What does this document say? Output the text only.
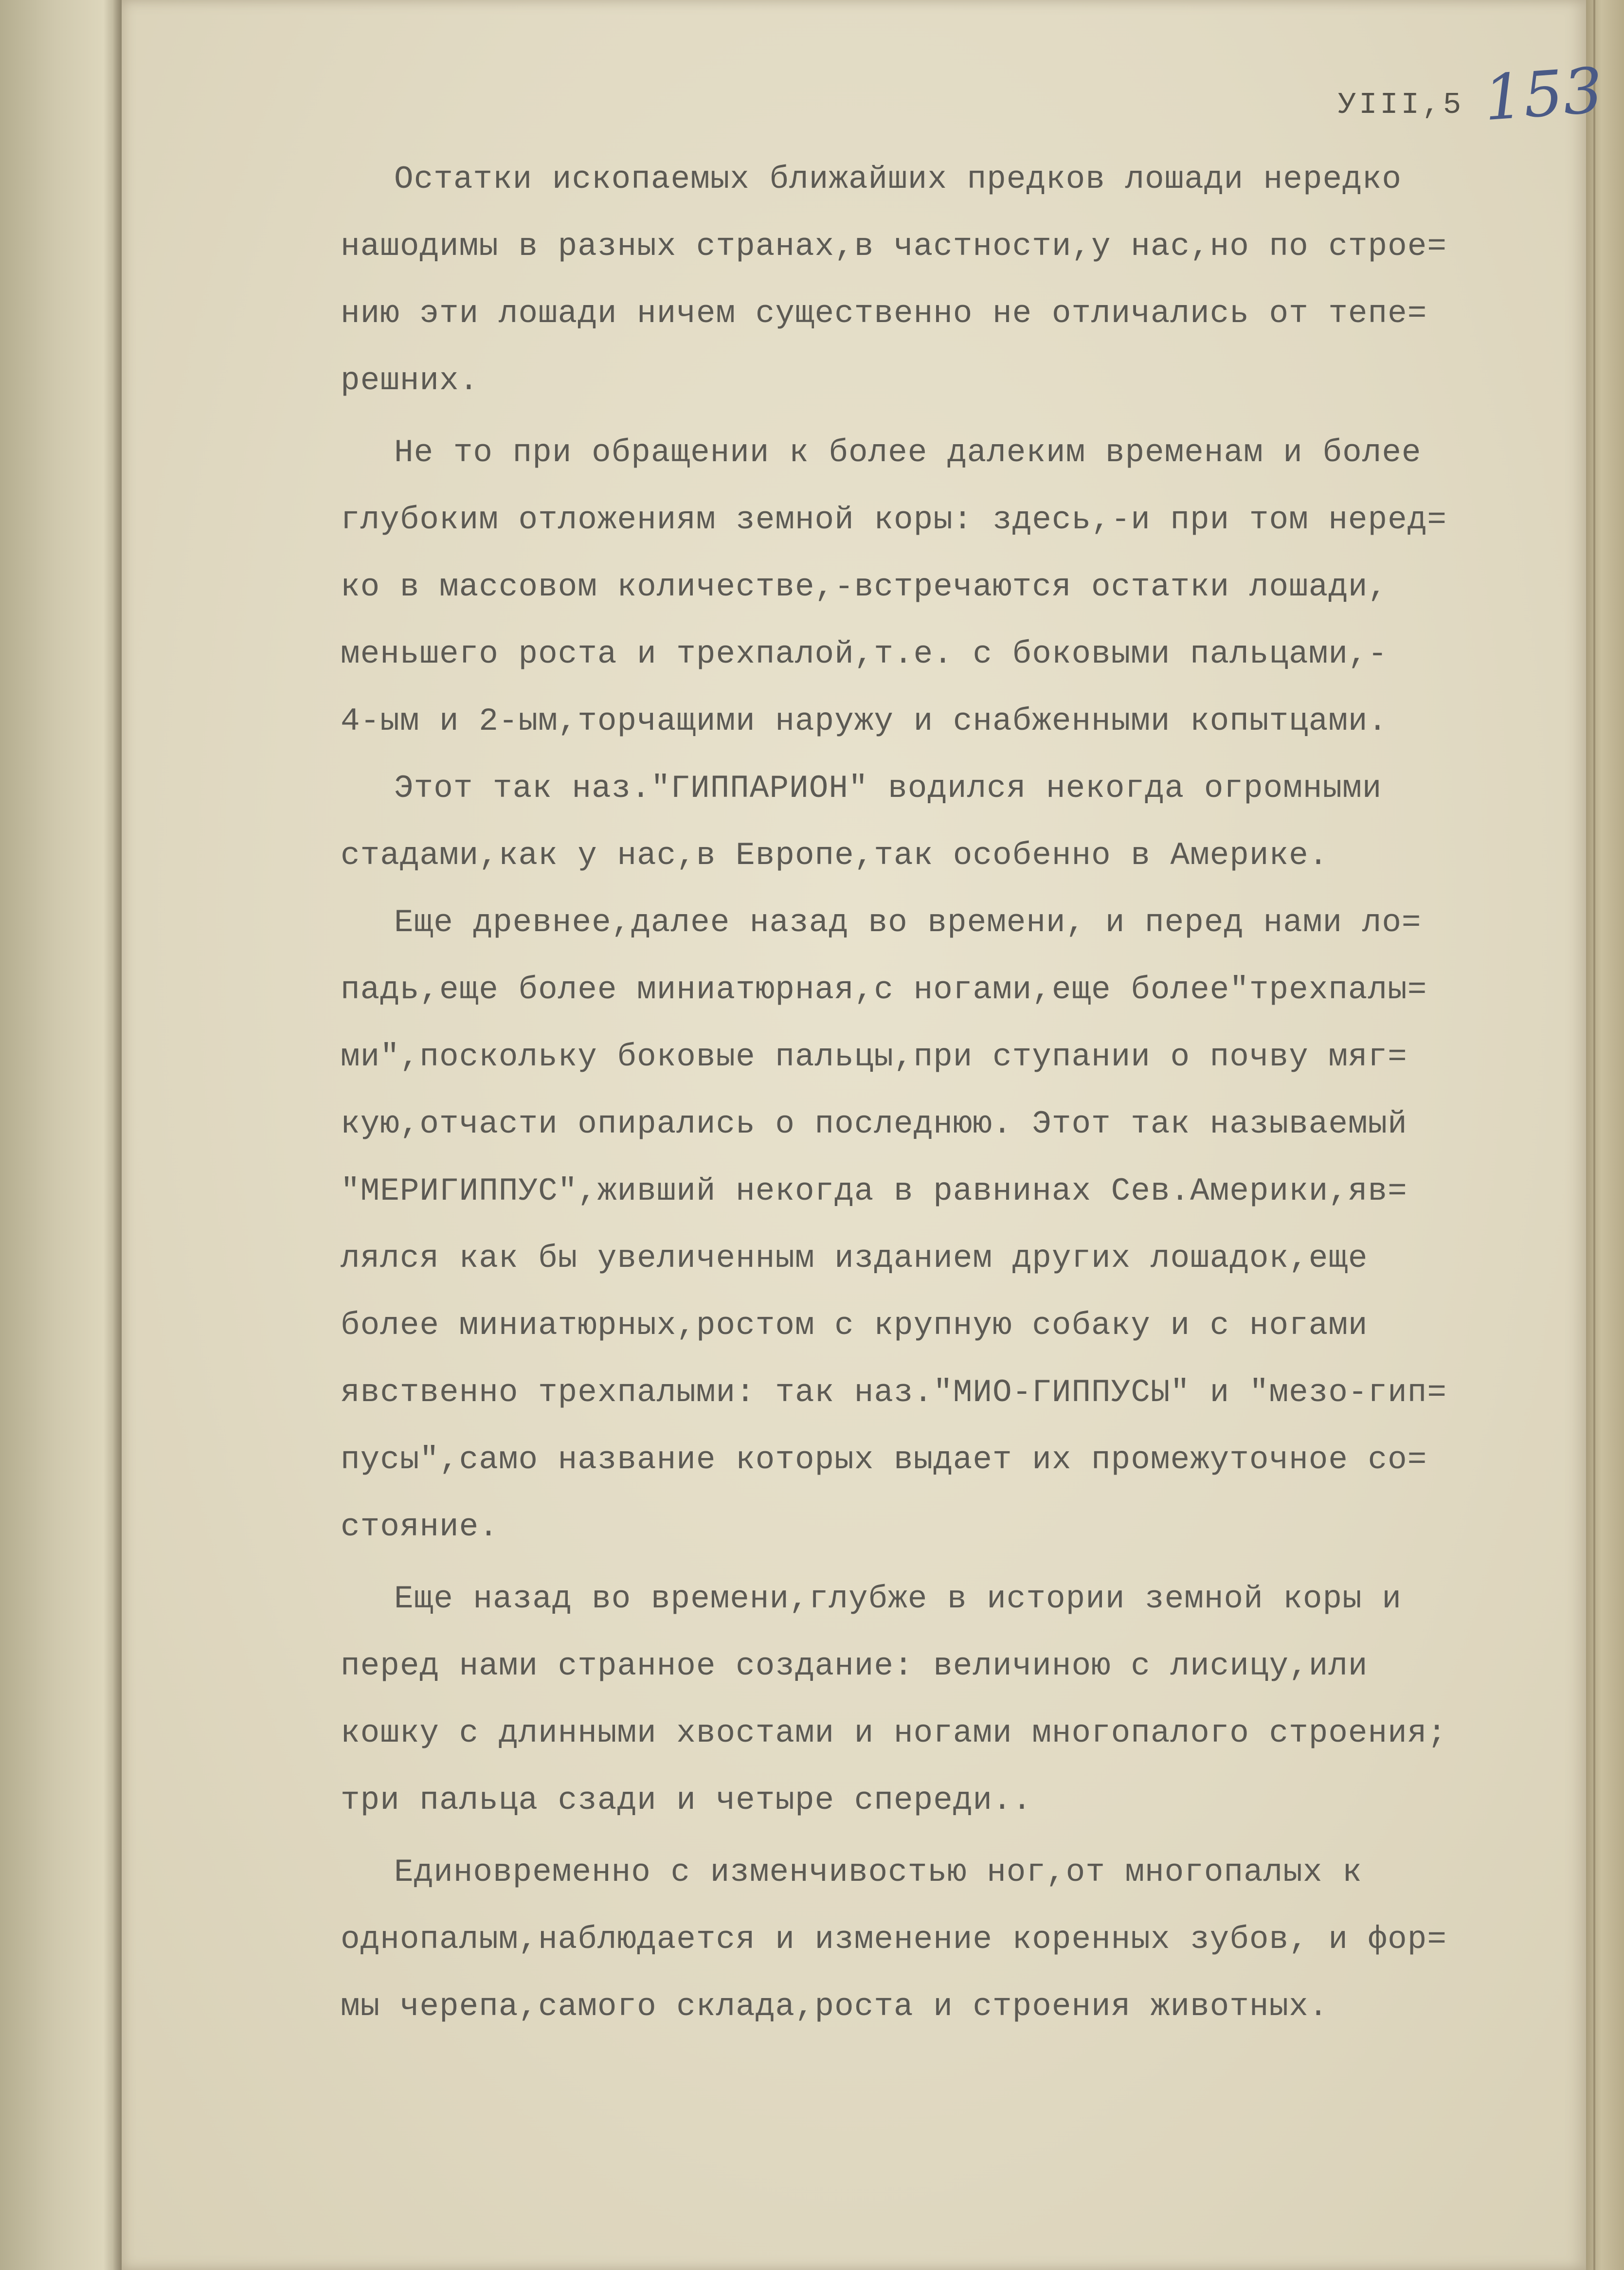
УIII,5 153
Остатки ископаемых ближайших предков лошади нередко
нашодимы в разных странах,в частности,у нас,но по строе=
нию эти лошади ничем существенно не отличались от тепе=
решних.
Не то при обращении к более далеким временам и более
глубоким отложениям земной коры: здесь,-и при том неред=
ко в массовом количестве,-встречаются остатки лошади,
меньшего роста и трехпалой,т.е. с боковыми пальцами,-
4-ым и 2-ым,торчащими наружу и снабженными копытцами.
Этот так наз."ГИППАРИОН" водился некогда огромными
стадами,как у нас,в Европе,так особенно в Америке.
Еще древнее,далее назад во времени, и перед нами ло=
падь,еще более миниатюрная,с ногами,еще более"трехпалы=
ми",поскольку боковые пальцы,при ступании о почву мяг=
кую,отчасти опирались о последнюю. Этот так называемый
"МЕРИГИППУС",живший некогда в равнинах Сев.Америки,яв=
лялся как бы увеличенным изданием других лошадок,еще
более миниатюрных,ростом с крупную собаку и с ногами
явственно трехпалыми: так наз."МИО-ГИППУСЫ" и "мезо-гип=
пусы",само название которых выдает их промежуточное со=
стояние.
Еще назад во времени,глубже в истории земной коры и
перед нами странное создание: величиною с лисицу,или
кошку с длинными хвостами и ногами многопалого строения;
три пальца сзади и четыре спереди..
Единовременно с изменчивостью ног,от многопалых к
однопалым,наблюдается и изменение коренных зубов, и фор=
мы черепа,самого склада,роста и строения животных.
